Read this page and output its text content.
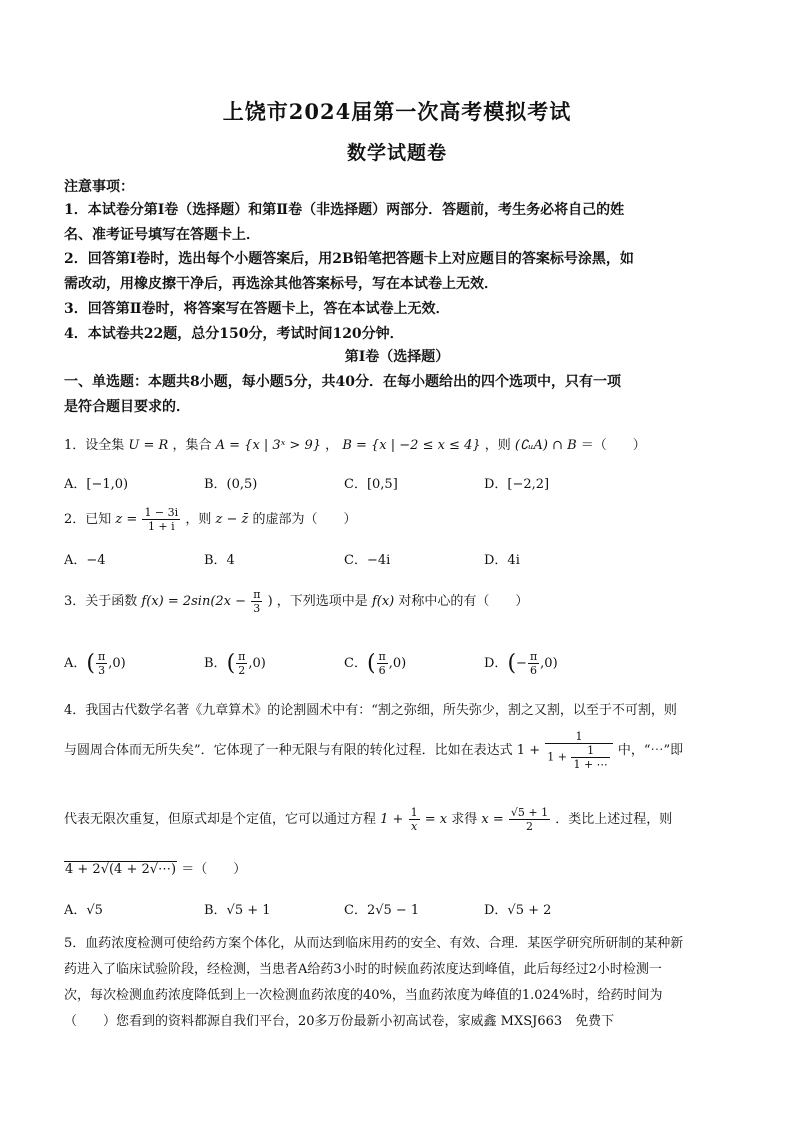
上饶市2024届第一次高考模拟考试
数学试题卷
注意事项：
1．本试卷分第Ⅰ卷（选择题）和第Ⅱ卷（非选择题）两部分．答题前，考生务必将自己的姓
名、准考证号填写在答题卡上．
2．回答第Ⅰ卷时，选出每个小题答案后，用2B铅笔把答题卡上对应题目的答案标号涂黑，如
需改动，用橡皮擦干净后，再选涂其他答案标号，写在本试卷上无效．
3．回答第Ⅱ卷时，将答案写在答题卡上，答在本试卷上无效．
4．本试卷共22题，总分150分，考试时间120分钟．
第Ⅰ卷（选择题）
一、单选题：本题共8小题，每小题5分，共40分．在每小题给出的四个选项中，只有一项
是符合题目要求的．
1．设全集 U = R ，集合 A = {x | 3ˣ > 9} ， B = {x | −2 ≤ x ≤ 4} ，则 (∁ᵤA) ∩ B ＝（　　）
A．[−1,0)	B．(0,5)	C．[0,5]	D．[−2,2]
2．已知 $z = \frac{1 - 3i}{1 + i}$ ，则 z − z̄ 的虚部为（　　）
A．−4	B．4	C．−4i	D．4i
3．关于函数 $f(x) = 2\sin(2x - \frac{\pi}{3}$ ) ，下列选项中是 f(x) 对称中心的有（　　）
A．( $\frac{\pi}{3} ,0$)	B．( $\frac{\pi}{2} ,0$)	C．( $\frac{\pi}{6} ,0$)	D．(− $\frac{\pi}{6} ,0$)
4．我国古代数学名著《九章算术》的论割圆术中有：“割之弥细，所失弥少，割之又割，以至于不可割，则
与圆周合体而无所失矣”．它体现了一种无限与有限的转化过程．比如在表达式 $1 + \frac{1}{1 + \frac{1}{1 + \cdots}}$ 中，“⋯”即
代表无限次重复，但原式却是个定值，它可以通过方程 $1 + \frac{1}{x} = x$ 求得 $x = \frac{√5 + 1}{2}$ ．类比上述过程，则
4 + 2√(4 + 2√⋯) ＝（　　）
A．√5	B．√5 + 1	C．2√5 − 1	D．√5 + 2
5．血药浓度检测可使给药方案个体化，从而达到临床用药的安全、有效、合理．某医学研究所研制的某种新
药进入了临床试验阶段，经检测，当患者A给药3小时的时候血药浓度达到峰值，此后每经过2小时检测一
次，每次检测血药浓度降低到上一次检测血药浓度的40%，当血药浓度为峰值的1.024%时，给药时间为
（　　）您看到的资料都源自我们平台，20多万份最新小初高试卷，家威鑫 MXSJ663　免费下
